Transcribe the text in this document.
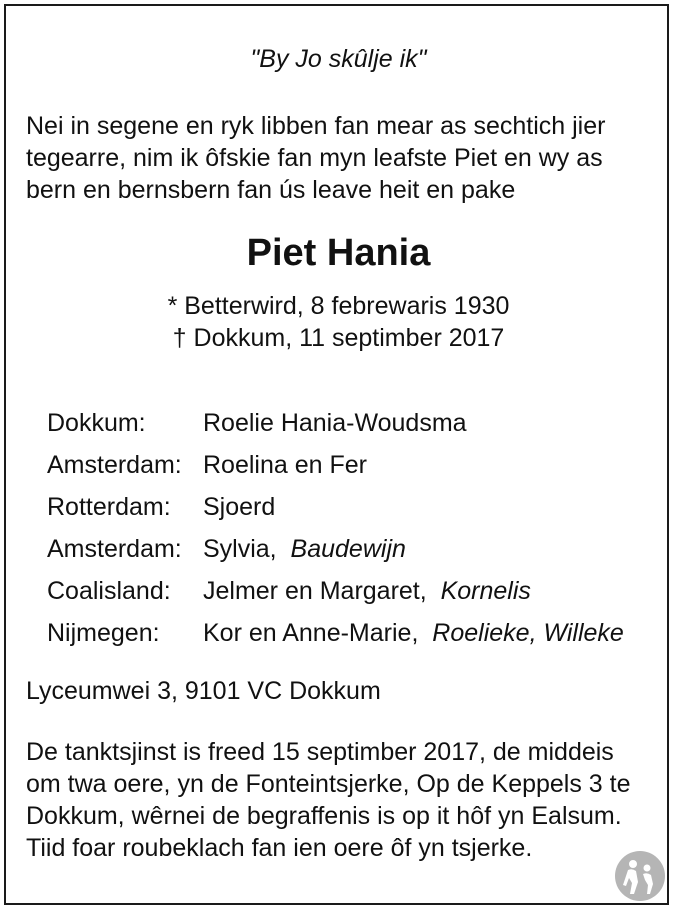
"By Jo skûlje ik"

Nei in segene en ryk libben fan mear as sechtich jier
tegearre, nim ik ôfskie fan myn leafste Piet en wy as
bern en bernsbern fan ús leave heit en pake

Piet Hania
* Betterwird, 8 febrewaris 1930
† Dokkum, 11 septimber 2017
Dokkum:	Roelie Hania-Woudsma
Amsterdam: Roelina en Fer
Rotterdam:	Sjoerd
Amsterdam: Sylvia,  Baudewijn
Coalisland:	Jelmer en Margaret,  Kornelis
Nijmegen:	Kor en Anne-Marie,  Roelieke, Willeke
Lyceumwei 3, 9101 VC Dokkum

De tanktsjinst is freed 15 septimber 2017, de middeis
om twa oere, yn de Fonteintsjerke, Op de Keppels 3 te
Dokkum, wêrnei de begraffenis is op it hôf yn Ealsum.
Tiid foar roubeklach fan ien oere ôf yn tsjerke.
